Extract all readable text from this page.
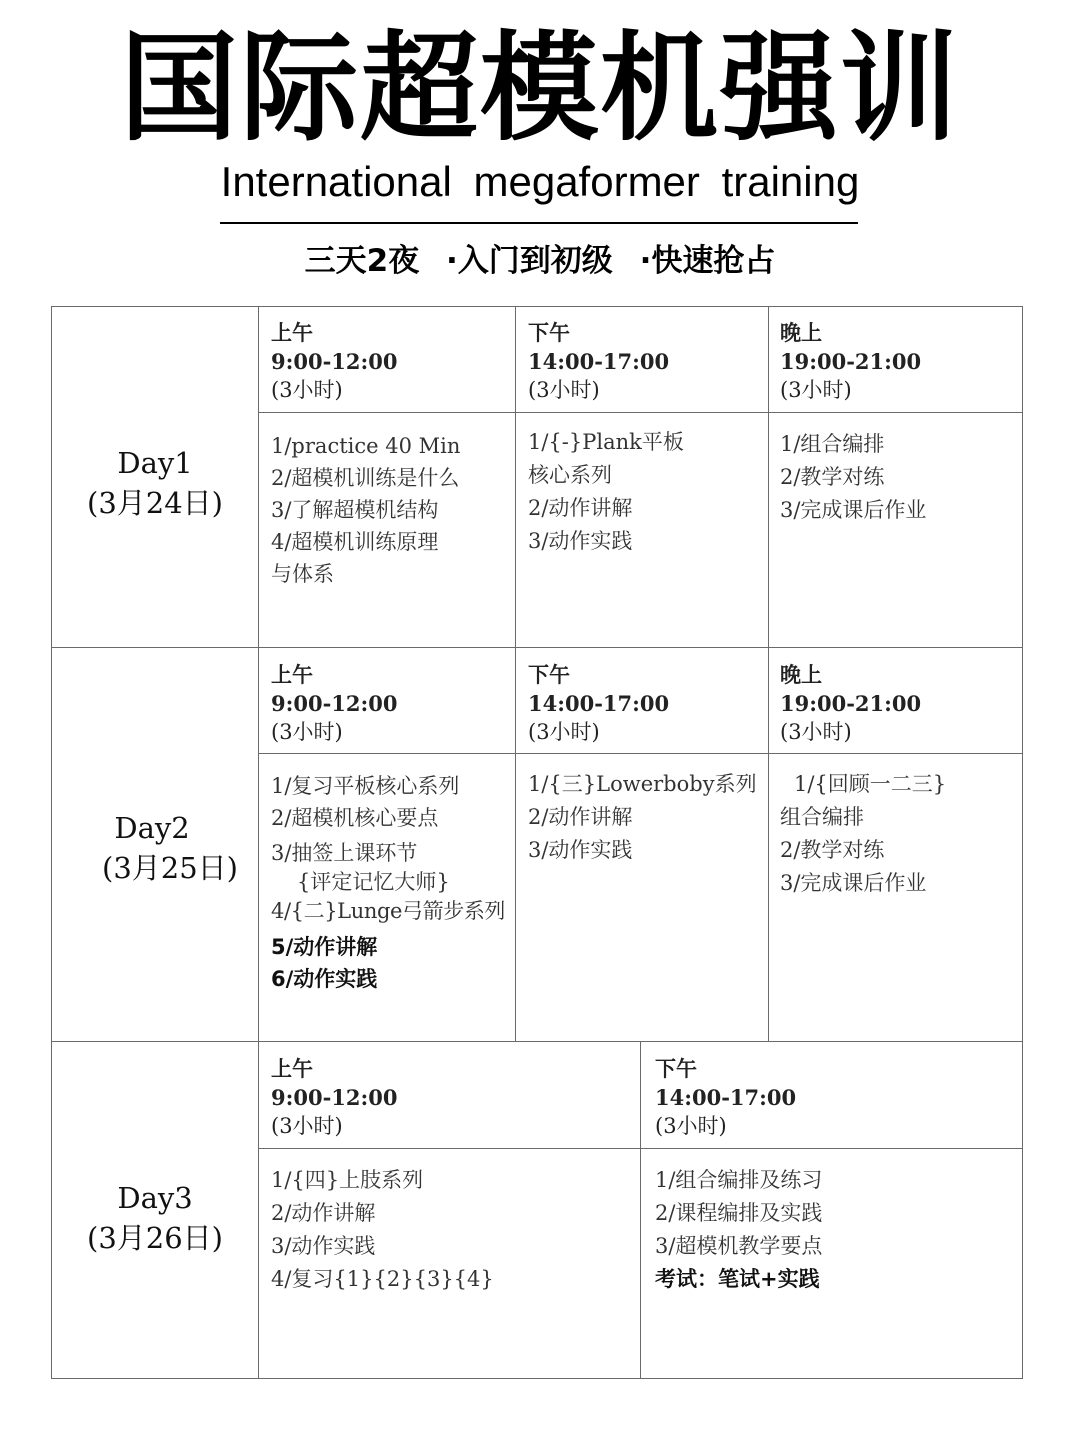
国际超模机强训
International megaformer training
三天2夜 ·入门到初级 ·快速抢占
Day1
(3月24日)
上午
9:00-12:00
(3小时)
下午
14:00-17:00
(3小时)
晚上
19:00-21:00
(3小时)
1/practice 40 Min
2/超模机训练是什么
3/了解超模机结构
4/超模机训练原理
与体系
1/{-}Plank平板
核心系列
2/动作讲解
3/动作实践
1/组合编排
2/教学对练
3/完成课后作业
Day2
(3月25日)
上午
9:00-12:00
(3小时)
下午
14:00-17:00
(3小时)
晚上
19:00-21:00
(3小时)
1/复习平板核心系列
2/超模机核心要点
3/抽签上课环节
{评定记忆大师}
4/{二}Lunge弓箭步系列
5/动作讲解
6/动作实践
1/{三}Lowerboby系列
2/动作讲解
3/动作实践
1/{回顾一二三}
组合编排
2/教学对练
3/完成课后作业
Day3
(3月26日)
上午
9:00-12:00
(3小时)
下午
14:00-17:00
(3小时)
1/{四}上肢系列
2/动作讲解
3/动作实践
4/复习{1}{2}{3}{4}
1/组合编排及练习
2/课程编排及实践
3/超模机教学要点
考试：笔试+实践
